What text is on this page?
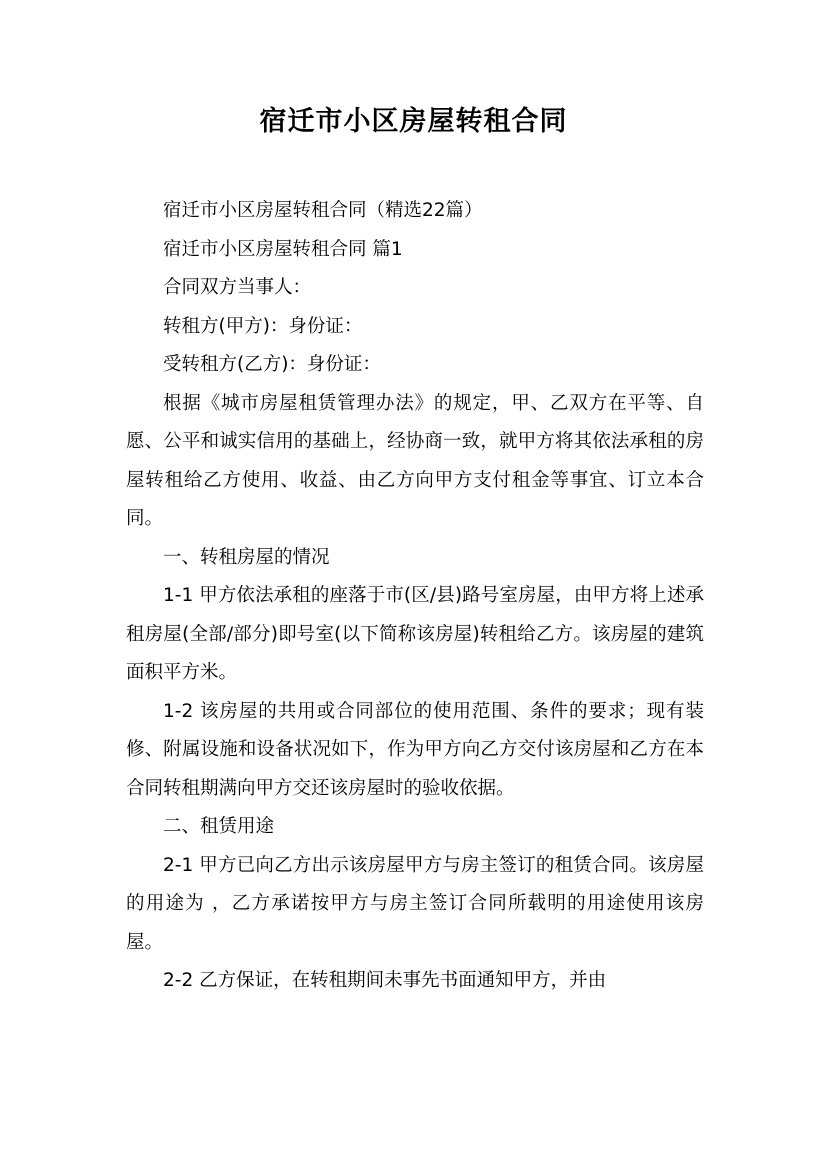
宿迁市小区房屋转租合同

宿迁市小区房屋转租合同（精选22篇）

宿迁市小区房屋转租合同 篇1

合同双方当事人：

转租方(甲方)：身份证：

受转租方(乙方)：身份证：

根据《城市房屋租赁管理办法》的规定，甲、乙双方在平等、自愿、公平和诚实信用的基础上，经协商一致，就甲方将其依法承租的房屋转租给乙方使用、收益、由乙方向甲方支付租金等事宜、订立本合同。

一、转租房屋的情况

1-1 甲方依法承租的座落于市(区/县)路号室房屋，由甲方将上述承租房屋(全部/部分)即号室(以下简称该房屋)转租给乙方。该房屋的建筑面积平方米。

1-2 该房屋的共用或合同部位的使用范围、条件的要求；现有装修、附属设施和设备状况如下，作为甲方向乙方交付该房屋和乙方在本合同转租期满向甲方交还该房屋时的验收依据。

二、租赁用途

2-1 甲方已向乙方出示该房屋甲方与房主签订的租赁合同。该房屋的用途为 ，乙方承诺按甲方与房主签订合同所载明的用途使用该房屋。

2-2 乙方保证，在转租期间未事先书面通知甲方，并由
